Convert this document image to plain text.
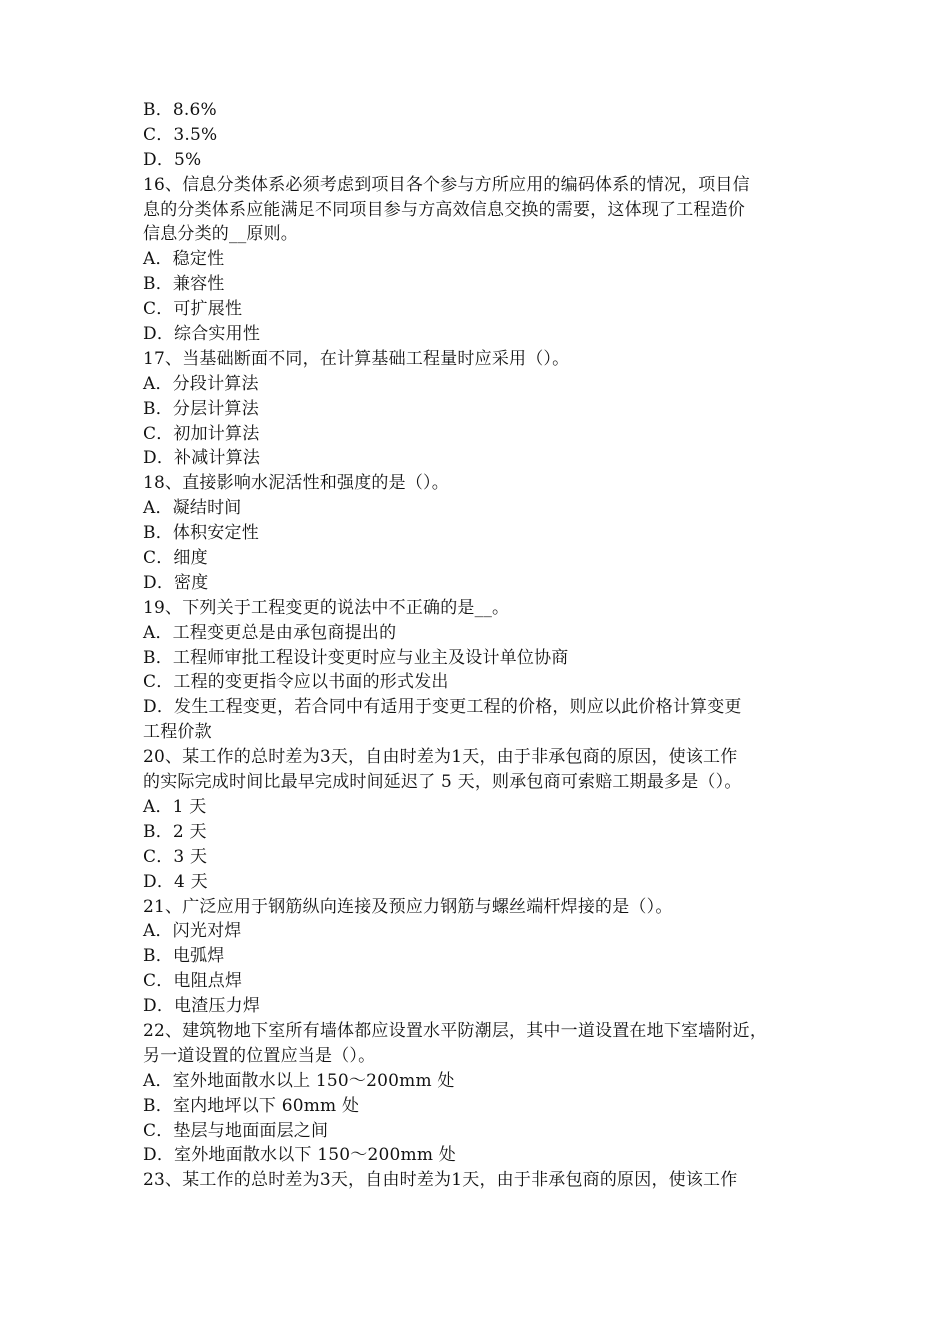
B．8.6%
C．3.5%
D．5%
16、信息分类体系必须考虑到项目各个参与方所应用的编码体系的情况，项目信
息的分类体系应能满足不同项目参与方高效信息交换的需要，这体现了工程造价
信息分类的__原则。
A．稳定性
B．兼容性
C．可扩展性
D．综合实用性
17、当基础断面不同，在计算基础工程量时应采用（）。
A．分段计算法
B．分层计算法
C．初加计算法
D．补减计算法
18、直接影响水泥活性和强度的是（）。
A．凝结时间
B．体积安定性
C．细度
D．密度
19、下列关于工程变更的说法中不正确的是__。
A．工程变更总是由承包商提出的
B．工程师审批工程设计变更时应与业主及设计单位协商
C．工程的变更指令应以书面的形式发出
D．发生工程变更，若合同中有适用于变更工程的价格，则应以此价格计算变更
工程价款
20、某工作的总时差为3天，自由时差为1天，由于非承包商的原因，使该工作
的实际完成时间比最早完成时间延迟了 5 天，则承包商可索赔工期最多是（）。
A．1 天
B．2 天
C．3 天
D．4 天
21、广泛应用于钢筋纵向连接及预应力钢筋与螺丝端杆焊接的是（）。
A．闪光对焊
B．电弧焊
C．电阻点焊
D．电渣压力焊
22、建筑物地下室所有墙体都应设置水平防潮层，其中一道设置在地下室墙附近，
另一道设置的位置应当是（）。
A．室外地面散水以上 150～200mm 处
B．室内地坪以下 60mm 处
C．垫层与地面面层之间
D．室外地面散水以下 150～200mm 处
23、某工作的总时差为3天，自由时差为1天，由于非承包商的原因，使该工作
